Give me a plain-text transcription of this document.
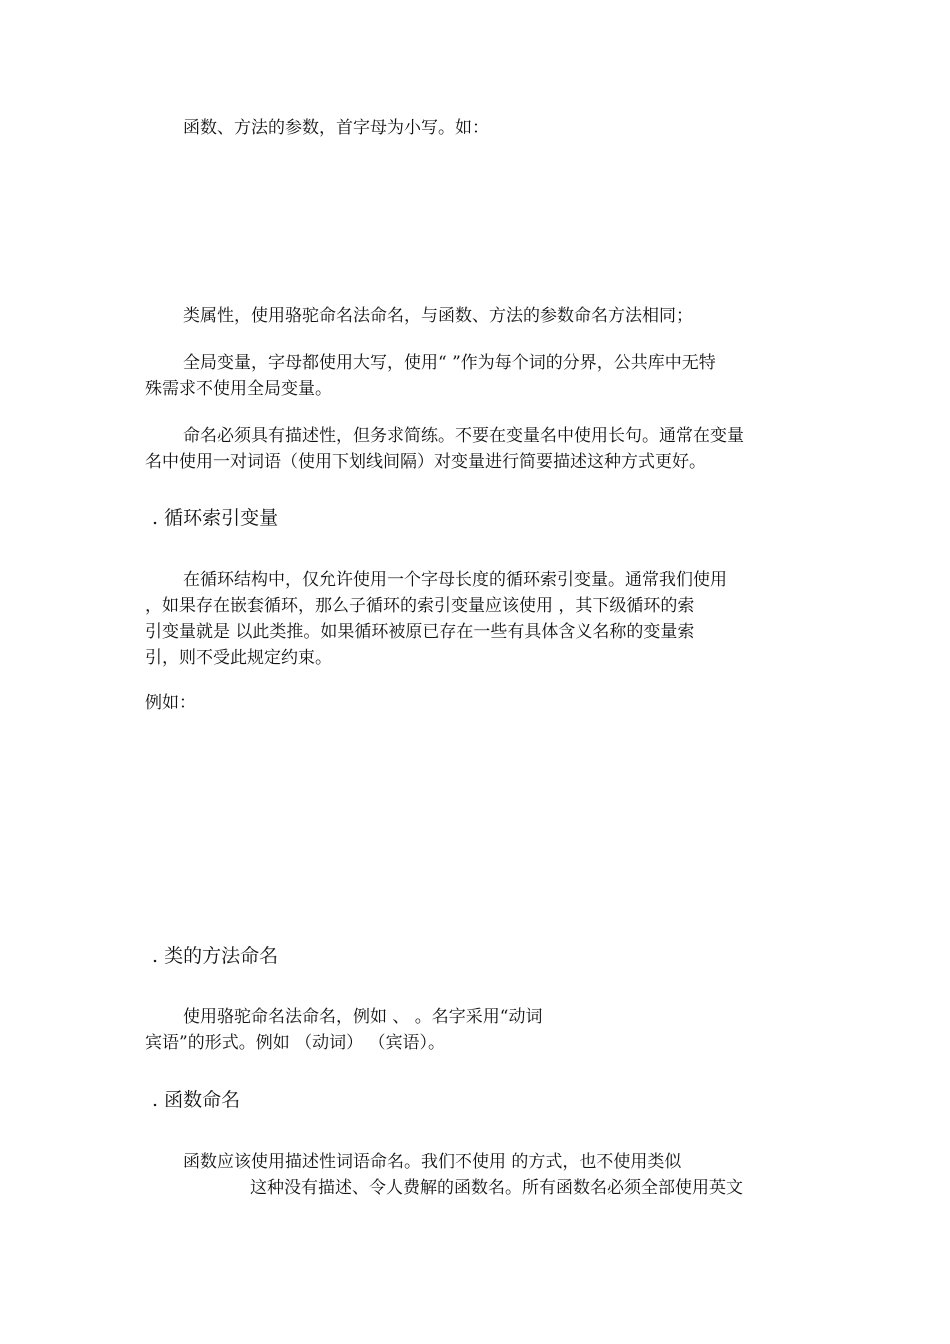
函数、方法的参数，首字母为小写。如：

类属性，使用骆驼命名法命名，与函数、方法的参数命名方法相同；

全局变量，字母都使用大写，使用“ ”作为每个词的分界，公共库中无特

殊需求不使用全局变量。

命名必须具有描述性，但务求简练。不要在变量名中使用长句。通常在变量

名中使用一对词语（使用下划线间隔）对变量进行简要描述这种方式更好。

. 循环索引变量

在循环结构中，仅允许使用一个字母长度的循环索引变量。通常我们使用

，如果存在嵌套循环，那么子循环的索引变量应该使用 ，其下级循环的索

引变量就是 以此类推。如果循环被原已存在一些有具体含义名称的变量索

引，则不受此规定约束。

例如：

. 类的方法命名

使用骆驼命名法命名，例如 、 。名字采用“动词

宾语”的形式。例如 （动词） （宾语）。

. 函数命名

函数应该使用描述性词语命名。我们不使用 的方式，也不使用类似

这种没有描述、令人费解的函数名。所有函数名必须全部使用英文
